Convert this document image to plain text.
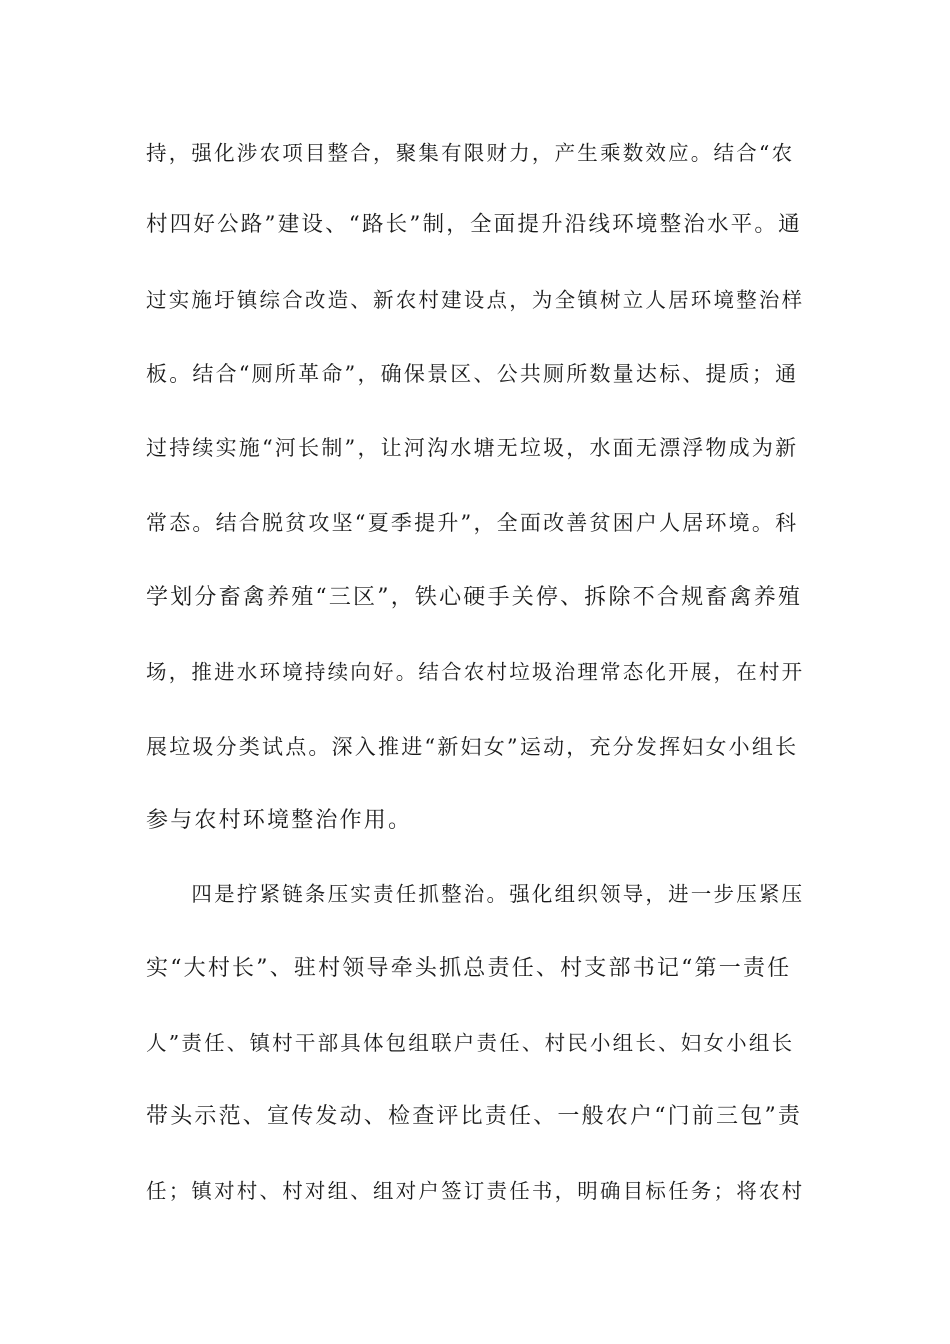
持，强化涉农项目整合，聚集有限财力，产生乘数效应。结合“农
村四好公路”建设、“路长”制，全面提升沿线环境整治水平。通
过实施圩镇综合改造、新农村建设点，为全镇树立人居环境整治样
板。结合“厕所革命”，确保景区、公共厕所数量达标、提质；通
过持续实施“河长制”，让河沟水塘无垃圾，水面无漂浮物成为新
常态。结合脱贫攻坚“夏季提升”，全面改善贫困户人居环境。科
学划分畜禽养殖“三区”，铁心硬手关停、拆除不合规畜禽养殖
场，推进水环境持续向好。结合农村垃圾治理常态化开展，在村开
展垃圾分类试点。深入推进“新妇女”运动，充分发挥妇女小组长
参与农村环境整治作用。
　　四是拧紧链条压实责任抓整治。强化组织领导，进一步压紧压
实“大村长”、驻村领导牵头抓总责任、村支部书记“第一责任
人”责任、镇村干部具体包组联户责任、村民小组长、妇女小组长
带头示范、宣传发动、检查评比责任、一般农户“门前三包”责
任；镇对村、村对组、组对户签订责任书，明确目标任务；将农村
